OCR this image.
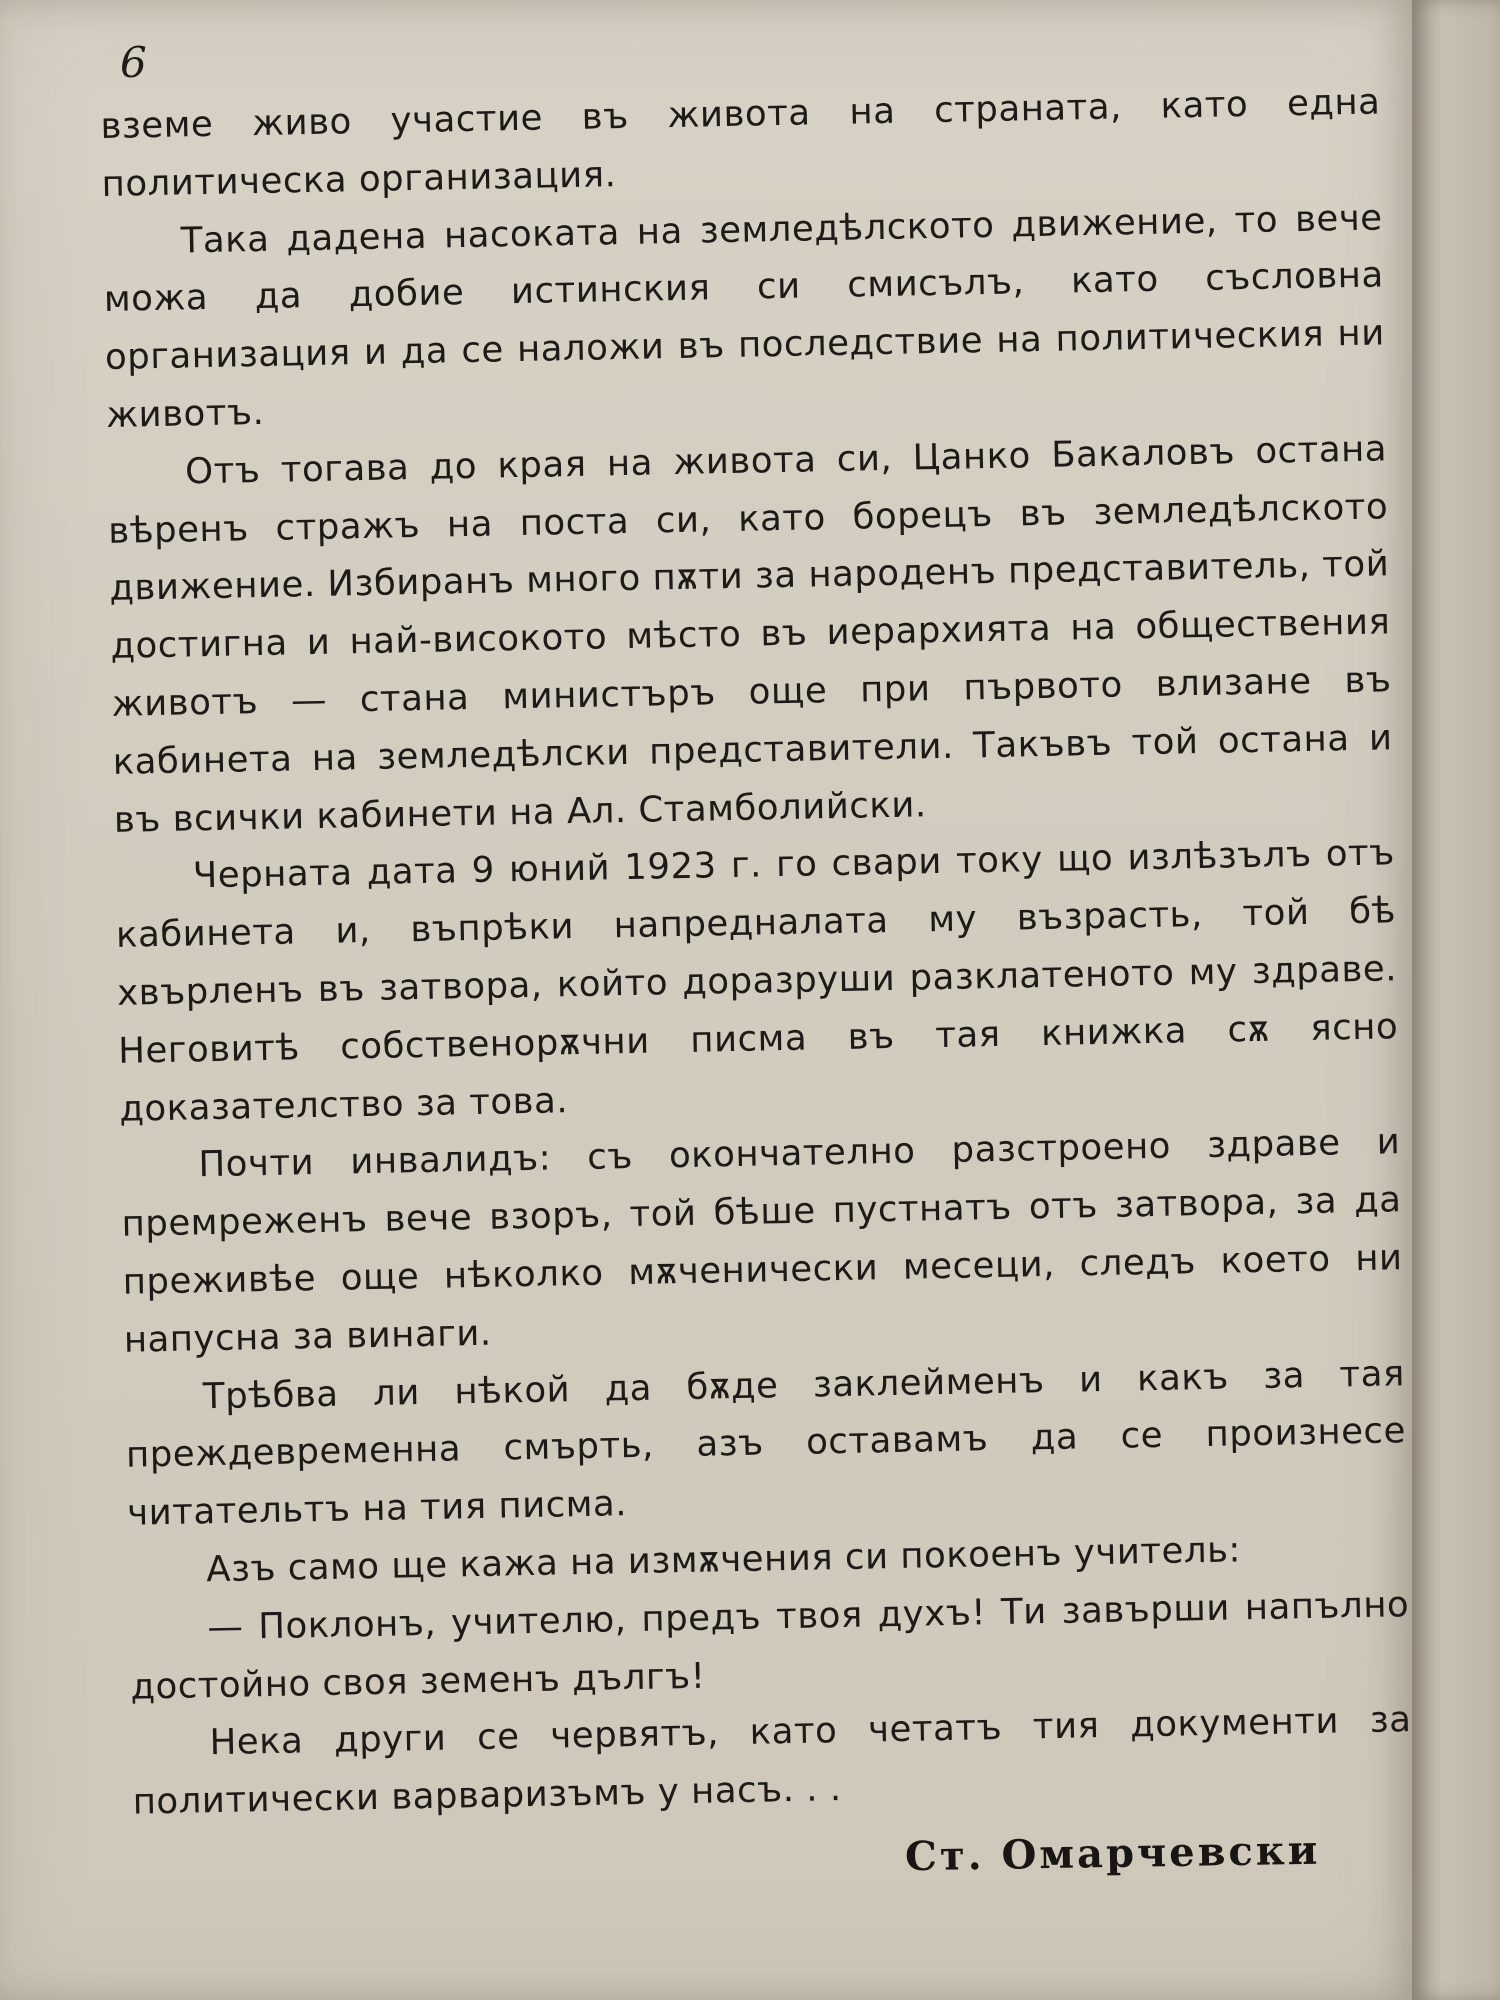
6

вземе живо участие въ живота на страната, като една политическа организация.

Така дадена насоката на земледѣлското движение, то вече можа да добие истинския си смисълъ, като съсловна организация и да се наложи въ последствие на политическия ни животъ.

Отъ тогава до края на живота си, Цанко Бакаловъ остана вѣренъ стражъ на поста си, като борецъ въ земледѣлското движение. Избиранъ много пѫти за народенъ представитель, той достигна и най-високото мѣсто въ иерархията на обществения животъ — стана министъръ още при първото влизане въ кабинета на земледѣлски представители. Такъвъ той остана и въ всички кабинети на Ал. Стамболийски.

Черната дата 9 юний 1923 г. го свари току що излѣзълъ отъ кабинета и, въпрѣки напредналата му възрасть, той бѣ хвърленъ въ затвора, който доразруши разклатеното му здраве. Неговитѣ собственорѫчни писма въ тая книжка сѫ ясно доказателство за това.

Почти инвалидъ: съ окончателно разстроено здраве и премреженъ вече взоръ, той бѣше пустнатъ отъ затвора, за да преживѣе още нѣколко мѫченически месеци, следъ което ни напусна за винаги.

Трѣбва ли нѣкой да бѫде заклейменъ и какъ за тая преждевременна смърть, азъ оставамъ да се произнесе читательтъ на тия писма.

Азъ само ще кажа на измѫчения си покоенъ учитель:

— Поклонъ, учителю, предъ твоя духъ! Ти завърши напълно достойно своя земенъ дългъ!

Нека други се червятъ, като четатъ тия документи за политически варваризъмъ у насъ. . .

Ст. Омарчевски
